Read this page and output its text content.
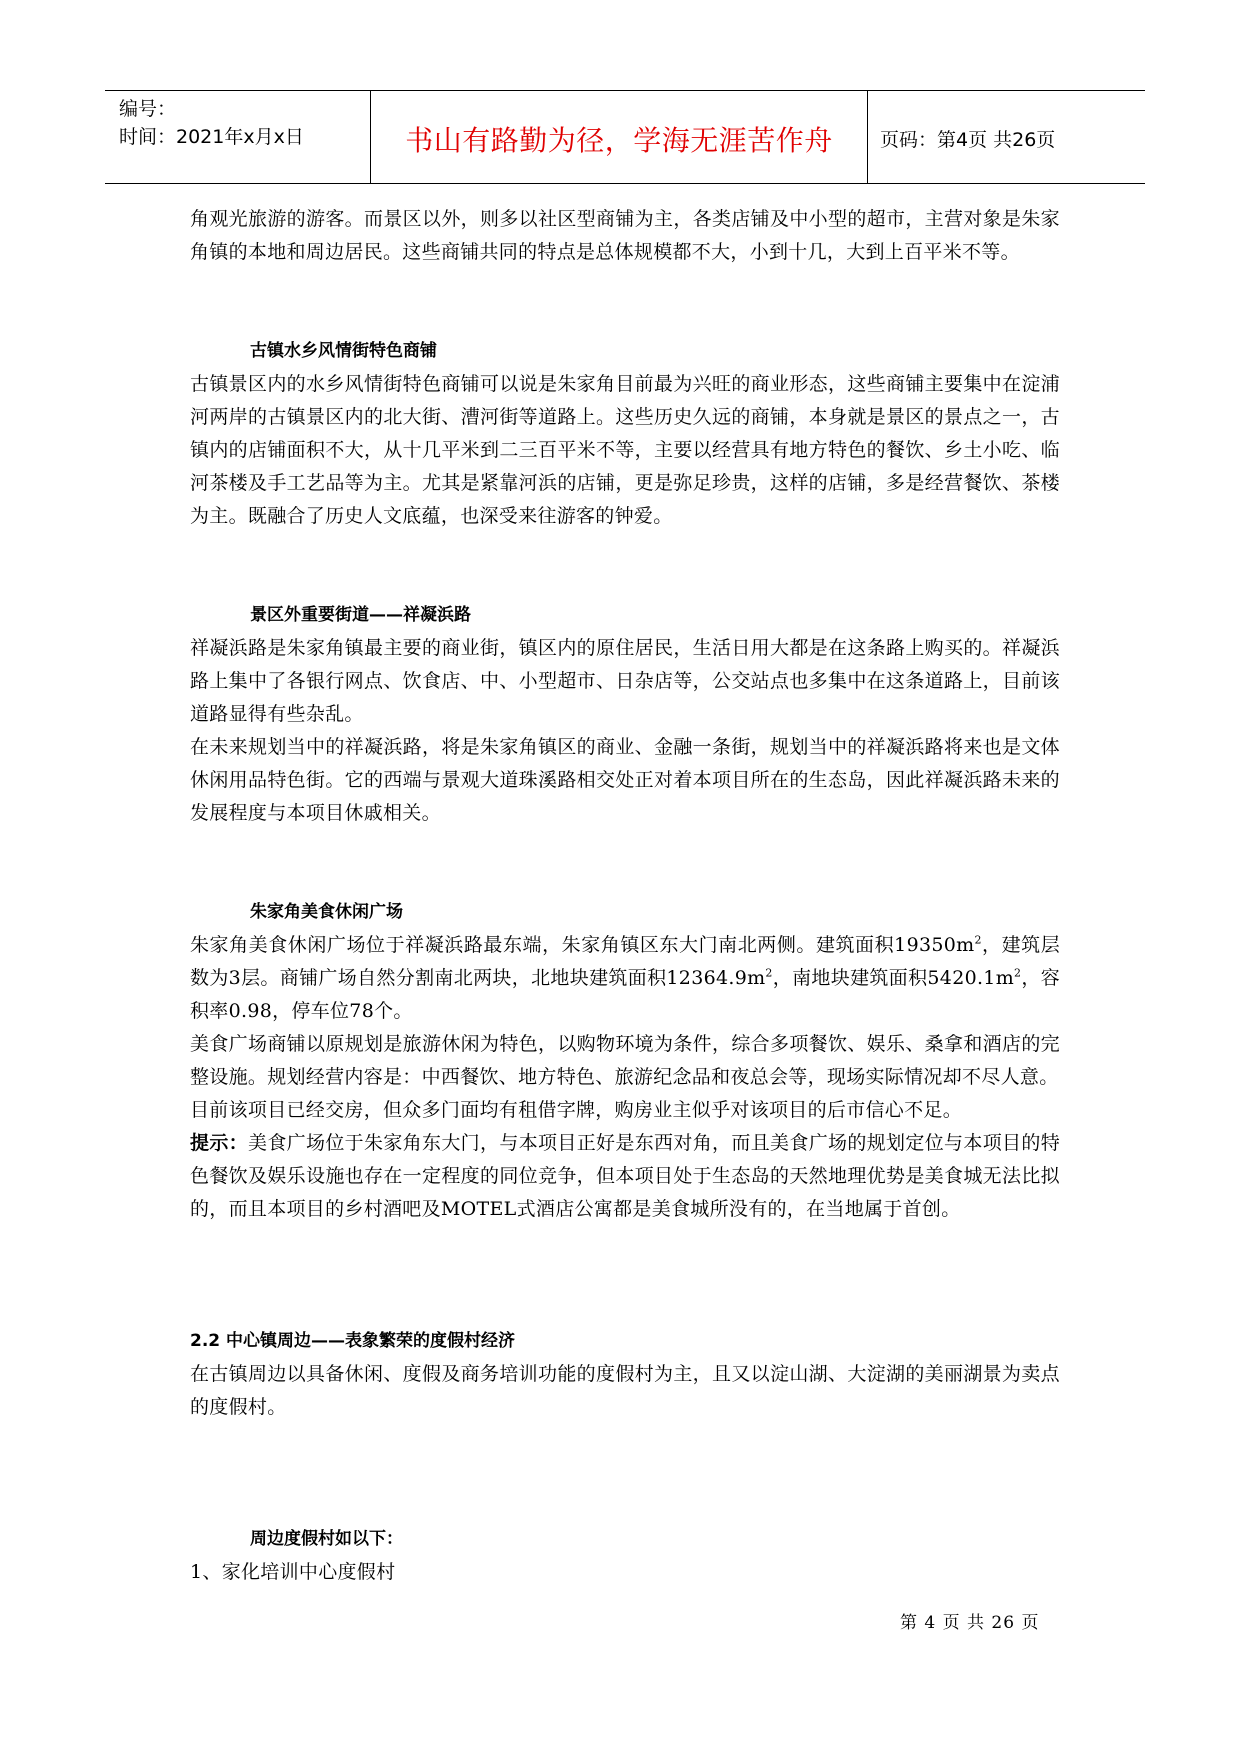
编号：
时间：2021年x月x日	书山有路勤为径，学海无涯苦作舟	页码：第4页 共26页

角观光旅游的游客。而景区以外，则多以社区型商铺为主，各类店铺及中小型的超市，主营对象是朱家角镇的本地和周边居民。这些商铺共同的特点是总体规模都不大，小到十几，大到上百平米不等。

古镇水乡风情街特色商铺

古镇景区内的水乡风情街特色商铺可以说是朱家角目前最为兴旺的商业形态，这些商铺主要集中在淀浦河两岸的古镇景区内的北大街、漕河街等道路上。这些历史久远的商铺，本身就是景区的景点之一，古镇内的店铺面积不大，从十几平米到二三百平米不等，主要以经营具有地方特色的餐饮、乡土小吃、临河茶楼及手工艺品等为主。尤其是紧靠河浜的店铺，更是弥足珍贵，这样的店铺，多是经营餐饮、茶楼为主。既融合了历史人文底蕴，也深受来往游客的钟爱。

景区外重要街道——祥凝浜路

祥凝浜路是朱家角镇最主要的商业街，镇区内的原住居民，生活日用大都是在这条路上购买的。祥凝浜路上集中了各银行网点、饮食店、中、小型超市、日杂店等，公交站点也多集中在这条道路上，目前该道路显得有些杂乱。

在未来规划当中的祥凝浜路，将是朱家角镇区的商业、金融一条街，规划当中的祥凝浜路将来也是文体休闲用品特色街。它的西端与景观大道珠溪路相交处正对着本项目所在的生态岛，因此祥凝浜路未来的发展程度与本项目休戚相关。

朱家角美食休闲广场

朱家角美食休闲广场位于祥凝浜路最东端，朱家角镇区东大门南北两侧。建筑面积$19350m^2$，建筑层数为3层。商铺广场自然分割南北两块，北地块建筑面积$12364.9m^2$，南地块建筑面积$5420.1m^2$，容积率0.98，停车位78个。

美食广场商铺以原规划是旅游休闲为特色，以购物环境为条件，综合多项餐饮、娱乐、桑拿和酒店的完整设施。规划经营内容是：中西餐饮、地方特色、旅游纪念品和夜总会等，现场实际情况却不尽人意。

目前该项目已经交房，但众多门面均有租借字牌，购房业主似乎对该项目的后市信心不足。

提示：美食广场位于朱家角东大门，与本项目正好是东西对角，而且美食广场的规划定位与本项目的特色餐饮及娱乐设施也存在一定程度的同位竞争，但本项目处于生态岛的天然地理优势是美食城无法比拟的，而且本项目的乡村酒吧及MOTEL式酒店公寓都是美食城所没有的，在当地属于首创。

2.2 中心镇周边——表象繁荣的度假村经济

在古镇周边以具备休闲、度假及商务培训功能的度假村为主，且又以淀山湖、大淀湖的美丽湖景为卖点的度假村。

周边度假村如以下：

1、家化培训中心度假村

第 4 页 共 26 页
